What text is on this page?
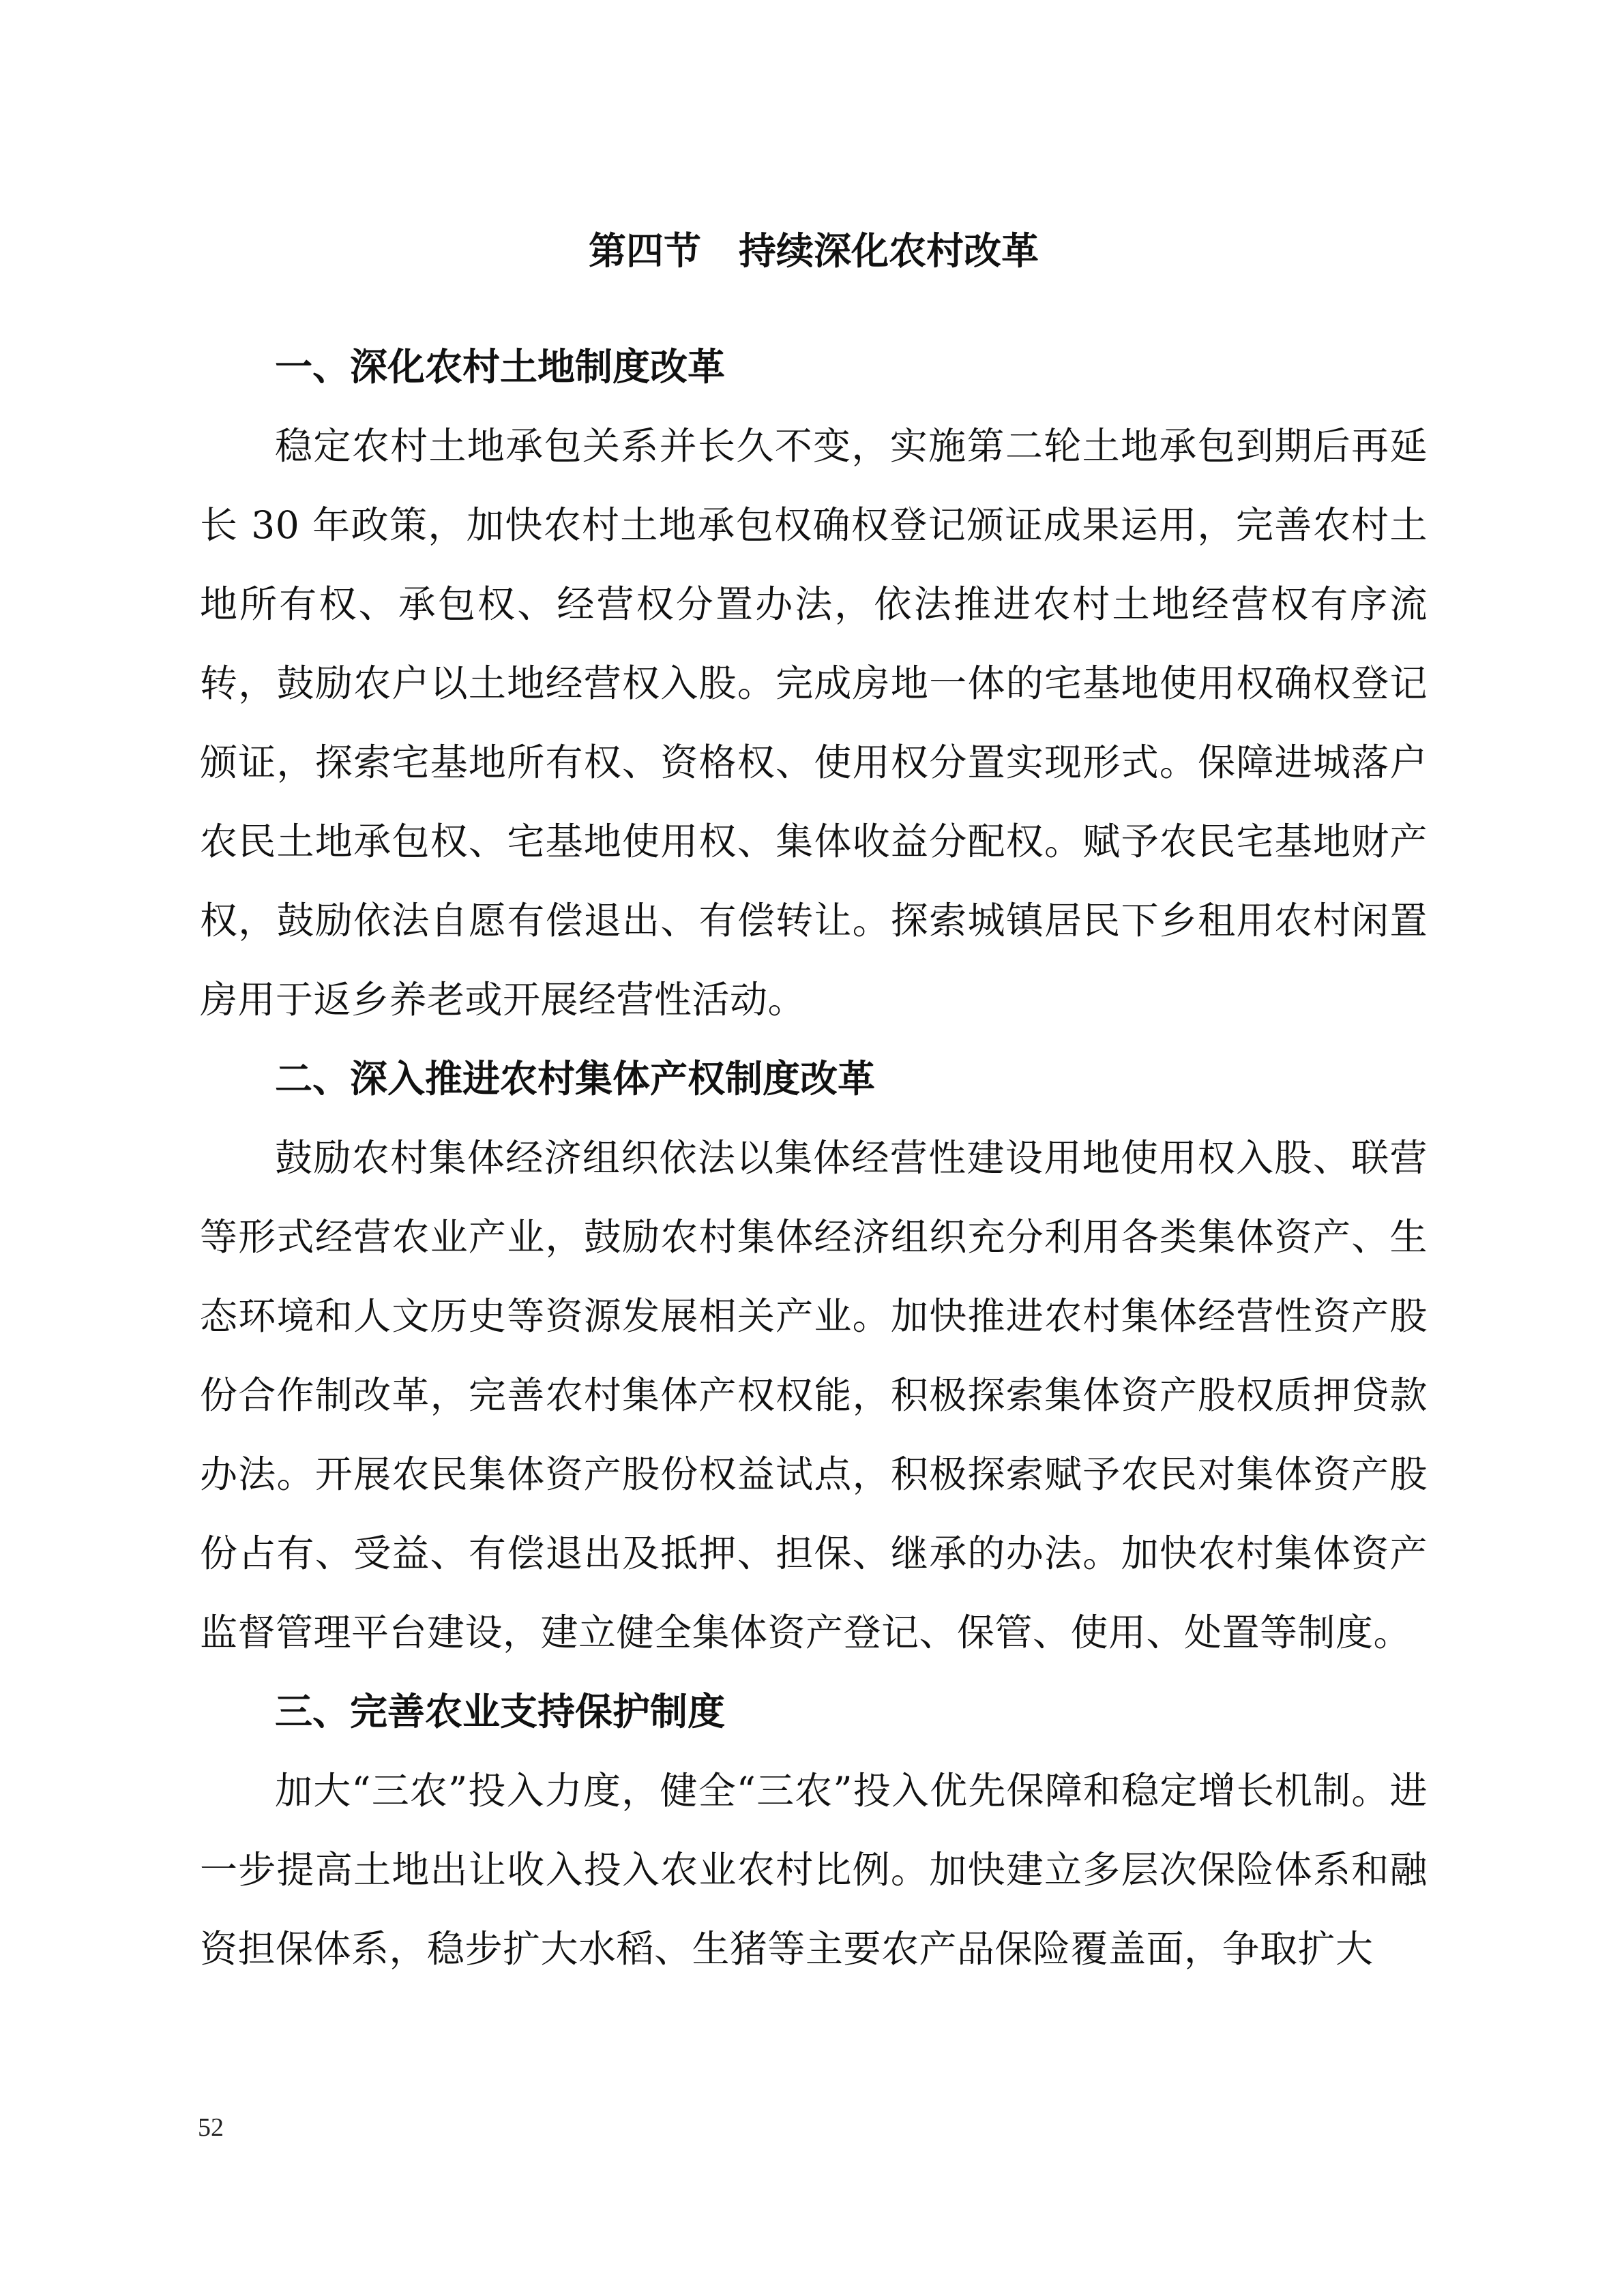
第四节　持续深化农村改革
一、深化农村土地制度改革

稳定农村土地承包关系并长久不变，实施第二轮土地承包到期后再延长 30 年政策，加快农村土地承包权确权登记颁证成果运用，完善农村土地所有权、承包权、经营权分置办法，依法推进农村土地经营权有序流转，鼓励农户以土地经营权入股。完成房地一体的宅基地使用权确权登记颁证，探索宅基地所有权、资格权、使用权分置实现形式。保障进城落户农民土地承包权、宅基地使用权、集体收益分配权。赋予农民宅基地财产权，鼓励依法自愿有偿退出、有偿转让。探索城镇居民下乡租用农村闲置房用于返乡养老或开展经营性活动。

二、深入推进农村集体产权制度改革

鼓励农村集体经济组织依法以集体经营性建设用地使用权入股、联营等形式经营农业产业，鼓励农村集体经济组织充分利用各类集体资产、生态环境和人文历史等资源发展相关产业。加快推进农村集体经营性资产股份合作制改革，完善农村集体产权权能，积极探索集体资产股权质押贷款办法。开展农民集体资产股份权益试点，积极探索赋予农民对集体资产股份占有、受益、有偿退出及抵押、担保、继承的办法。加快农村集体资产监督管理平台建设，建立健全集体资产登记、保管、使用、处置等制度。

三、完善农业支持保护制度

加大“三农”投入力度，健全“三农”投入优先保障和稳定增长机制。进一步提高土地出让收入投入农业农村比例。加快建立多层次保险体系和融资担保体系，稳步扩大水稻、生猪等主要农产品保险覆盖面，争取扩大

52
